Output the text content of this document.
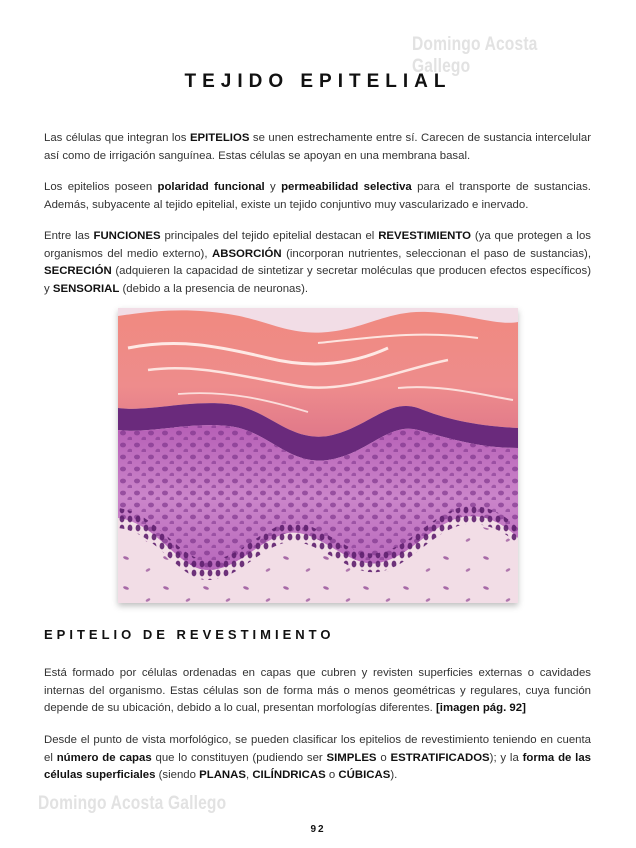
Domingo Acosta Gallego
TEJIDO EPITELIAL

Las células que integran los EPITELIOS se unen estrechamente entre sí. Carecen de sustancia intercelular así como de irrigación sanguínea. Estas células se apoyan en una membrana basal.

Los epitelios poseen polaridad funcional y permeabilidad selectiva para el transporte de sustancias. Además, subyacente al tejido epitelial, existe un tejido conjuntivo muy vascularizado e inervado.

Entre las FUNCIONES principales del tejido epitelial destacan el REVESTIMIENTO (ya que protegen a los organismos del medio externo), ABSORCIÓN (incorporan nutrientes, seleccionan el paso de sustancias), SECRECIÓN (adquieren la capacidad de sintetizar y secretar moléculas que producen efectos específicos) y SENSORIAL (debido a la presencia de neuronas).

EPITELIO DE REVESTIMIENTO

Está formado por células ordenadas en capas que cubren y revisten superficies externas o cavidades internas del organismo. Estas células son de forma más o menos geométricas y regulares, cuya función depende de su ubicación, debido a lo cual, presentan morfologías diferentes. [imagen pág. 92]

Desde el punto de vista morfológico, se pueden clasificar los epitelios de revestimiento teniendo en cuenta el número de capas que lo constituyen (pudiendo ser SIMPLES o ESTRATIFICADOS); y la forma de las células superficiales (siendo PLANAS, CILÍNDRICAS o CÚBICAS).

Domingo Acosta Gallego
92
